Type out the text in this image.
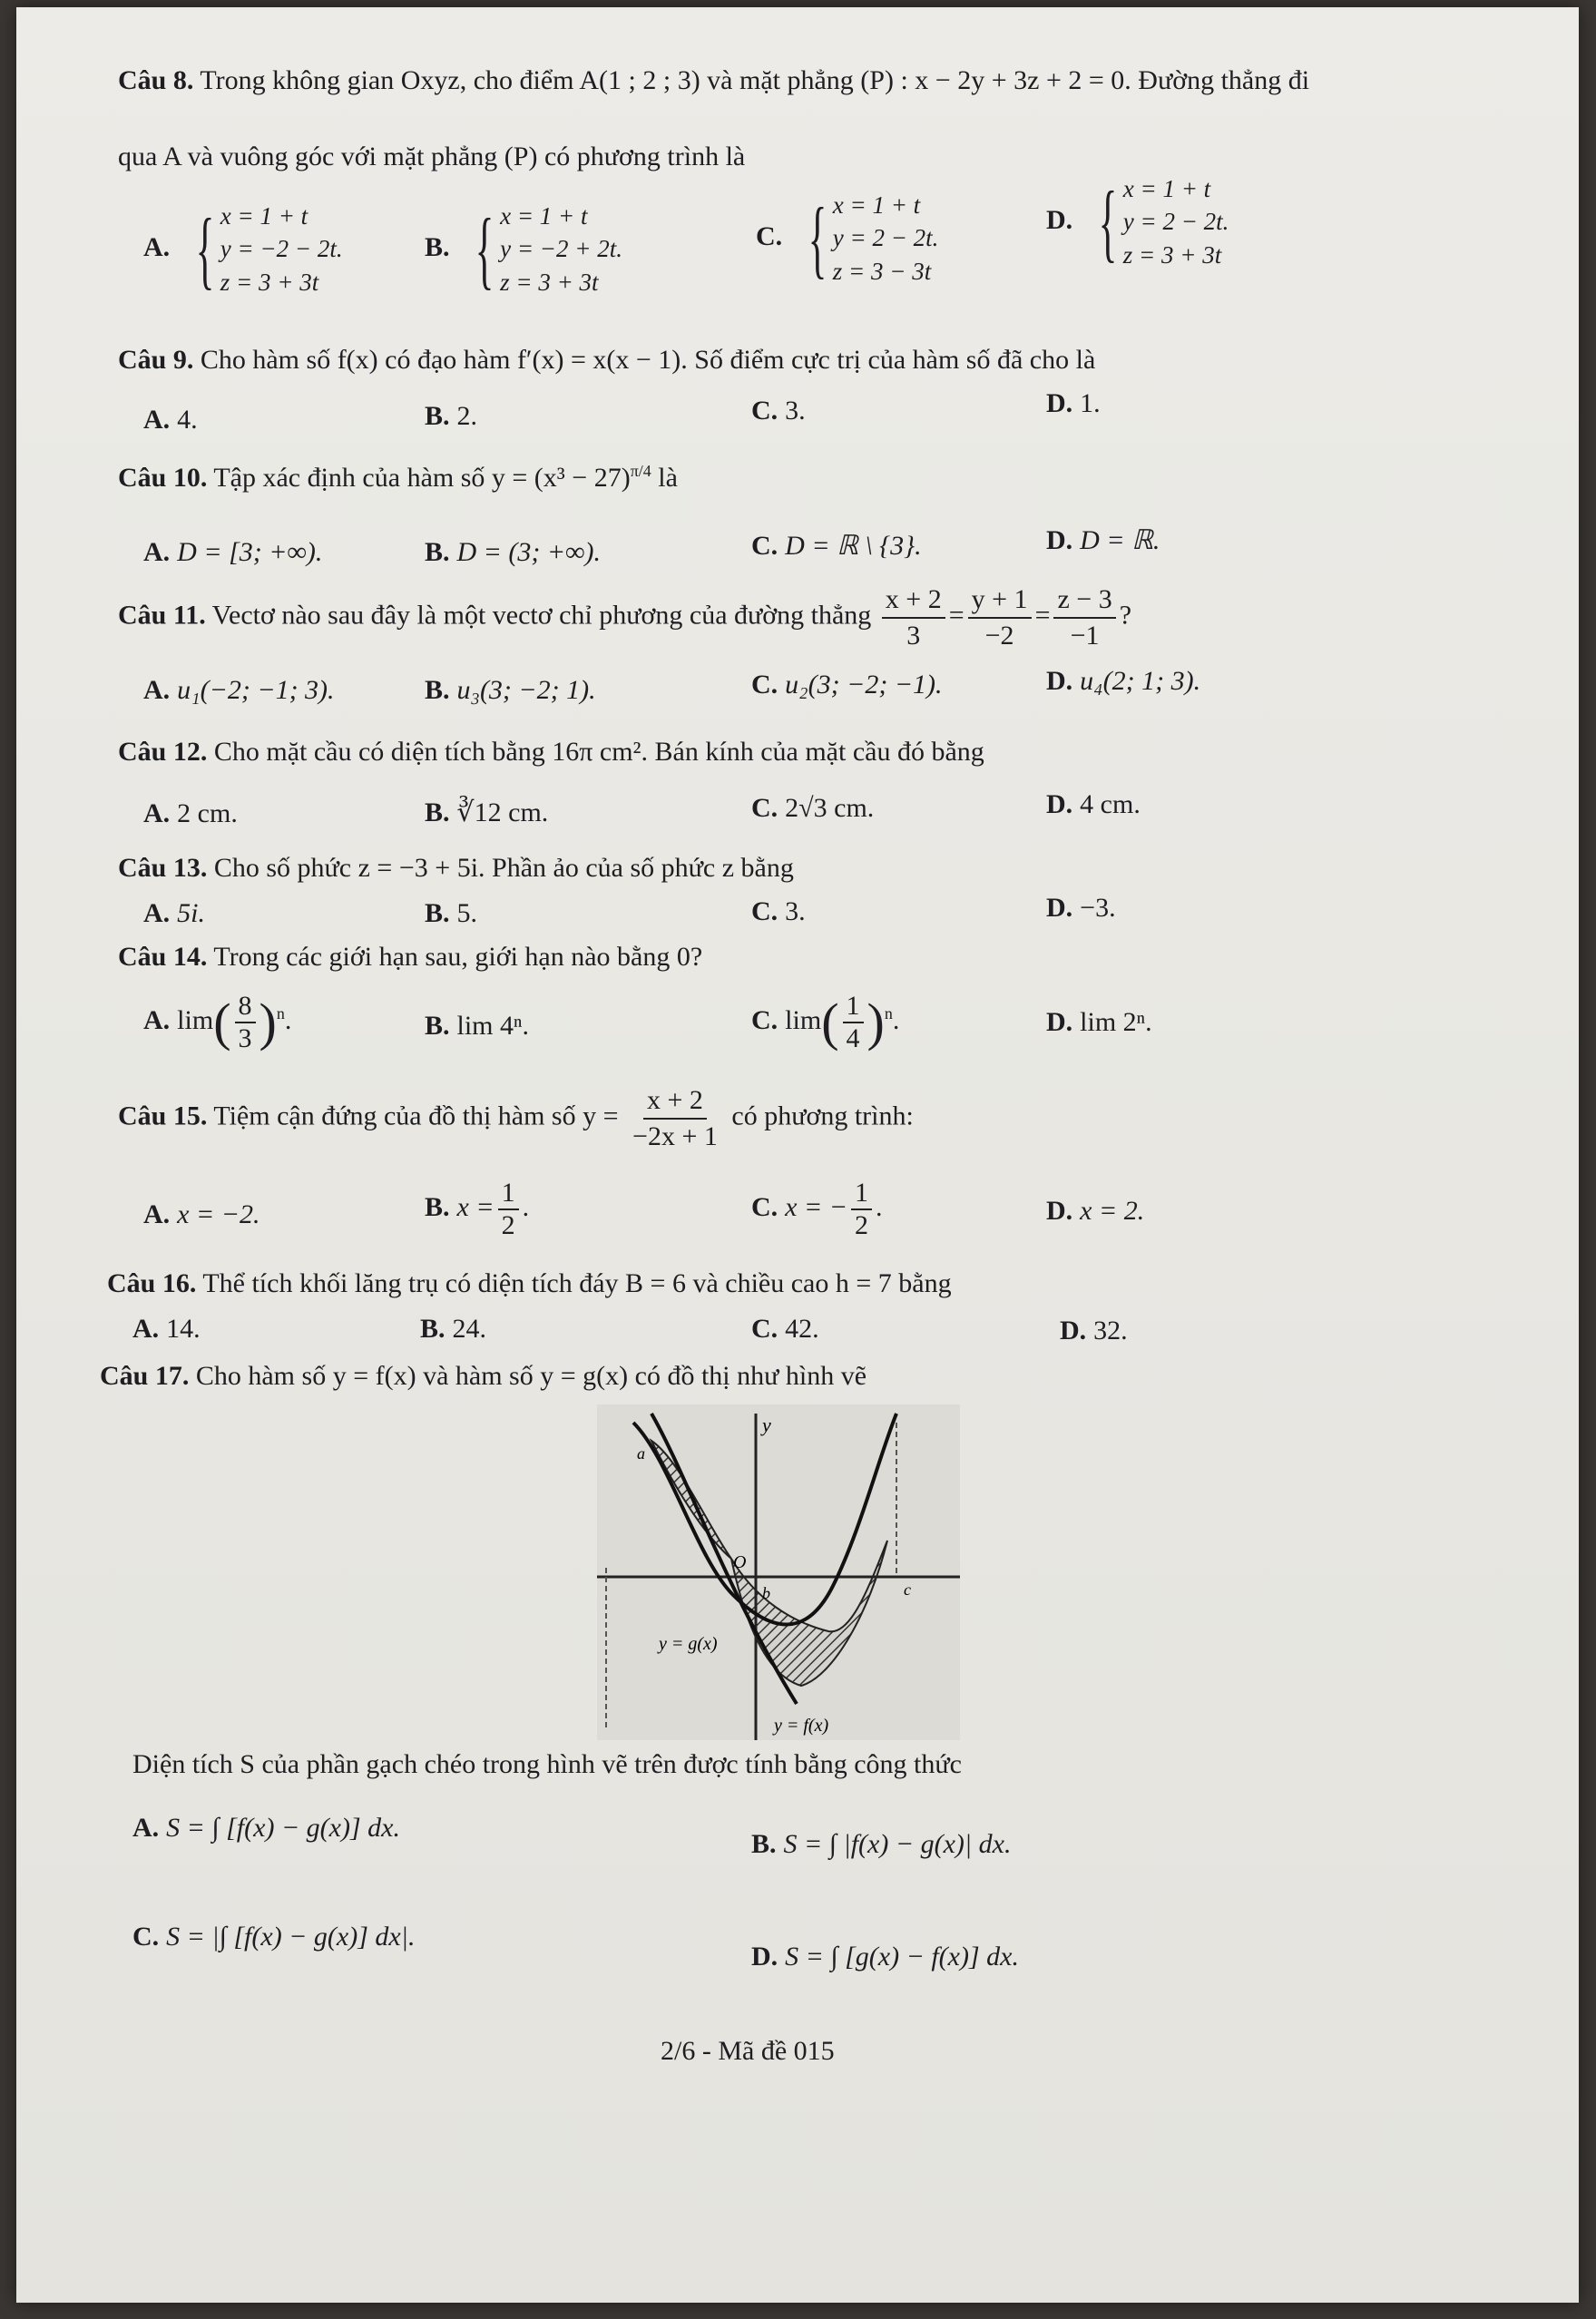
Câu 8. Trong không gian Oxyz, cho điểm A(1 ; 2 ; 3) và mặt phẳng (P) : x − 2y + 3z + 2 = 0. Đường thẳng đi
qua A và vuông góc với mặt phẳng (P) có phương trình là
A. { x = 1 + t
y = −2 − 2t.
z = 3 + 3t
B. { x = 1 + t
y = −2 + 2t.
z = 3 + 3t
C. { x = 1 + t
y = 2 − 2t.
z = 3 − 3t
D. { x = 1 + t
y = 2 − 2t.
z = 3 + 3t
Câu 9. Cho hàm số f(x) có đạo hàm f′(x) = x(x − 1). Số điểm cực trị của hàm số đã cho là
A. 4.	B. 2.	C. 3.	D. 1.
Câu 10. Tập xác định của hàm số $y = (x^3 - 27)^{\pi/4}$ là
A. D = [3; +∞).	B. D = (3; +∞).	C. D = ℝ \ {3}.	D. D = ℝ.
Câu 11. Vectơ nào sau đây là một vectơ chỉ phương của đường thẳng $\frac{x + 2}{3} = \frac{y + 1}{-2} = \frac{z - 3}{-1}$ ?
A. u₁(−2; −1; 3).	B. u₃(3; −2; 1).	C. u₂(3; −2; −1).	D. u₄(2; 1; 3).
Câu 12. Cho mặt cầu có diện tích bằng 16π cm². Bán kính của mặt cầu đó bằng
A. 2 cm.	B. ∛12 cm.	C. 2√3 cm.	D. 4 cm.
Câu 13. Cho số phức z = −3 + 5i. Phần ảo của số phức z bằng
A. 5i.	B. 5.	C. 3.	D. −3.
Câu 14. Trong các giới hạn sau, giới hạn nào bằng 0?
A. $\lim( \frac{8}{3} )^n$.	B. lim 4ⁿ.	C. $\lim( \frac{1}{4} )^n$.	D. lim 2ⁿ.
Câu 15. Tiệm cận đứng của đồ thị hàm số $y = \frac{x + 2}{-2x + 1}$ có phương trình:
A. x = −2.	B. $x = \frac{1}{2}$ .	C. x = − $\frac{1}{2}$ .	D. x = 2.
Câu 16. Thể tích khối lăng trụ có diện tích đáy B = 6 và chiều cao h = 7 bằng
A. 14.	B. 24.	C. 42.	D. 32.
Câu 17. Cho hàm số y = f(x) và hàm số y = g(x) có đồ thị như hình vẽ
y
O
a
b	c
y = g(x)
y = f(x)
Diện tích S của phần gạch chéo trong hình vẽ trên được tính bằng công thức
A. S = ∫ [f(x) − g(x)] dx.
B. S = ∫ |f(x) − g(x)| dx.
C. S = |∫ [f(x) − g(x)] dx|.
D. S = ∫ [g(x) − f(x)] dx.
2/6 - Mã đề 015
